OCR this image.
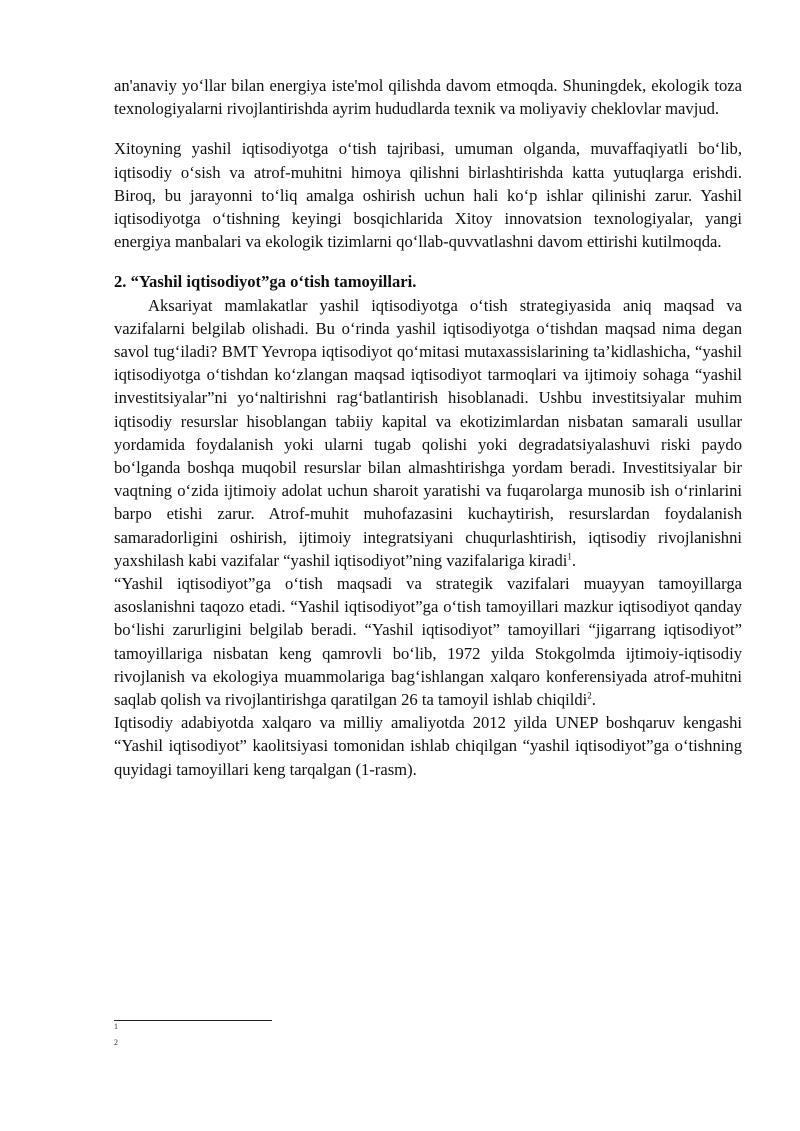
an'anaviy yo‘llar bilan energiya iste'mol qilishda davom etmoqda. Shuningdek, ekologik toza texnologiyalarni rivojlantirishda ayrim hududlarda texnik va moliyaviy cheklovlar mavjud.

Xitoyning yashil iqtisodiyotga o‘tish tajribasi, umuman olganda, muvaffaqiyatli bo‘lib, iqtisodiy o‘sish va atrof-muhitni himoya qilishni birlashtirishda katta yutuqlarga erishdi. Biroq, bu jarayonni to‘liq amalga oshirish uchun hali ko‘p ishlar qilinishi zarur. Yashil iqtisodiyotga o‘tishning keyingi bosqichlarida Xitoy innovatsion texnologiyalar, yangi energiya manbalari va ekologik tizimlarni qo‘llab-quvvatlashni davom ettirishi kutilmoqda.

2. “Yashil iqtisodiyot”ga o‘tish tamoyillari.

Aksariyat mamlakatlar yashil iqtisodiyotga o‘tish strategiyasida aniq maqsad va vazifalarni belgilab olishadi. Bu o‘rinda yashil iqtisodiyotga o‘tishdan maqsad nima degan savol tug‘iladi? BMT Yevropa iqtisodiyot qo‘mitasi mutaxassislarining ta’kidlashicha, “yashil iqtisodiyotga o‘tishdan ko‘zlangan maqsad iqtisodiyot tarmoqlari va ijtimoiy sohaga “yashil investitsiyalar”ni yo‘naltirishni rag‘batlantirish hisoblanadi. Ushbu investitsiyalar muhim iqtisodiy resurslar hisoblangan tabiiy kapital va ekotizimlardan nisbatan samarali usullar yordamida foydalanish yoki ularni tugab qolishi yoki degradatsiyalashuvi riski paydo bo‘lganda boshqa muqobil resurslar bilan almashtirishga yordam beradi. Investitsiyalar bir vaqtning o‘zida ijtimoiy adolat uchun sharoit yaratishi va fuqarolarga munosib ish o‘rinlarini barpo etishi zarur. Atrof-muhit muhofazasini kuchaytirish, resurslardan foydalanish samaradorligini oshirish, ijtimoiy integratsiyani chuqurlashtirish, iqtisodiy rivojlanishni yaxshilash kabi vazifalar “yashil iqtisodiyot”ning vazifalariga kiradi$^1$.

“Yashil iqtisodiyot”ga o‘tish maqsadi va strategik vazifalari muayyan tamoyillarga asoslanishni taqozo etadi. “Yashil iqtisodiyot”ga o‘tish tamoyillari mazkur iqtisodiyot qanday bo‘lishi zarurligini belgilab beradi. “Yashil iqtisodiyot” tamoyillari “jigarrang iqtisodiyot” tamoyillariga nisbatan keng qamrovli bo‘lib, 1972 yilda Stokgolmda ijtimoiy-iqtisodiy rivojlanish va ekologiya muammolariga bag‘ishlangan xalqaro konferensiyada atrof-muhitni saqlab qolish va rivojlantirishga qaratilgan 26 ta tamoyil ishlab chiqildi$^2$.

Iqtisodiy adabiyotda xalqaro va milliy amaliyotda 2012 yilda UNEP boshqaruv kengashi “Yashil iqtisodiyot” kaolitsiyasi tomonidan ishlab chiqilgan “yashil iqtisodiyot”ga o‘tishning quyidagi tamoyillari keng tarqalgan (1-rasm).

1
2
